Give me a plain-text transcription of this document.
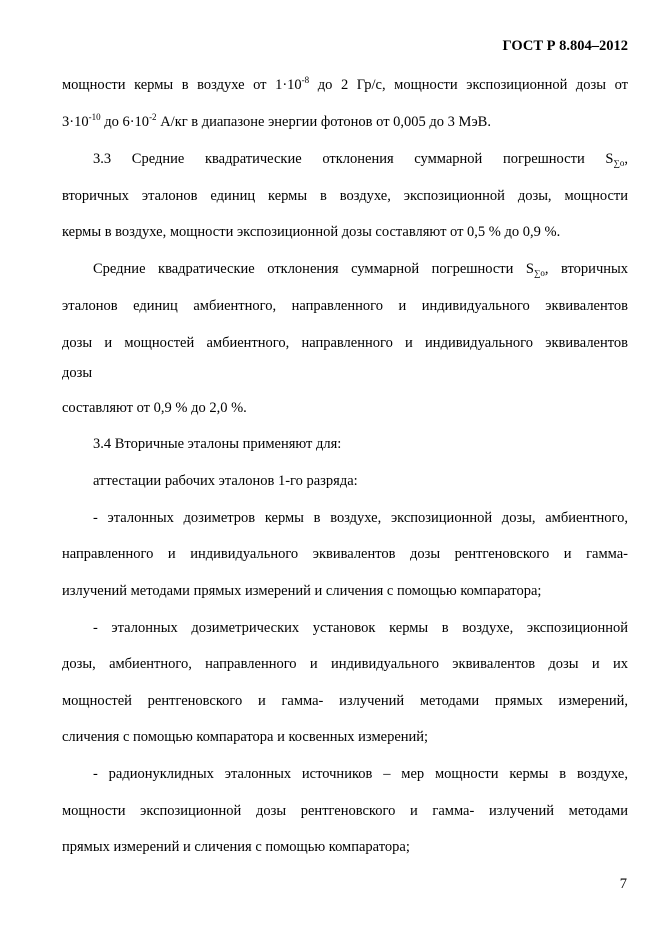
ГОСТ Р 8.804–2012
мощности кермы в воздухе от $1\cdot 10^{-8}$ до 2 Гр/с, мощности экспозиционной дозы от
$3\cdot 10^{-10}$ до $6\cdot 10^{-2}$ А/кг в диапазоне энергии фотонов от 0,005 до 3 МэВ.
3.3 Средние квадратические отклонения суммарной погрешности $S_{\sum о}$,
вторичных эталонов единиц кермы в воздухе, экспозиционной дозы, мощности
кермы в воздухе, мощности экспозиционной дозы составляют от 0,5 % до 0,9 %.
Средние квадратические отклонения суммарной погрешности $S_{\sum о}$, вторичных
эталонов единиц амбиентного, направленного и индивидуального эквивалентов
дозы и мощностей амбиентного, направленного и индивидуального эквивалентов
дозы
составляют от 0,9 % до 2,0 %.
3.4 Вторичные эталоны применяют для:
аттестации рабочих эталонов 1-го разряда:
- эталонных дозиметров кермы в воздухе, экспозиционной дозы, амбиентного,
направленного и индивидуального эквивалентов дозы рентгеновского и гамма-
излучений методами прямых измерений и сличения с помощью компаратора;
- эталонных дозиметрических установок кермы в воздухе, экспозиционной
дозы, амбиентного, направленного и индивидуального эквивалентов дозы и их
мощностей рентгеновского и гамма- излучений методами прямых измерений,
сличения с помощью компаратора и косвенных измерений;
- радионуклидных эталонных источников – мер мощности кермы в воздухе,
мощности экспозиционной дозы рентгеновского и гамма- излучений методами
прямых измерений и сличения с помощью компаратора;
7
